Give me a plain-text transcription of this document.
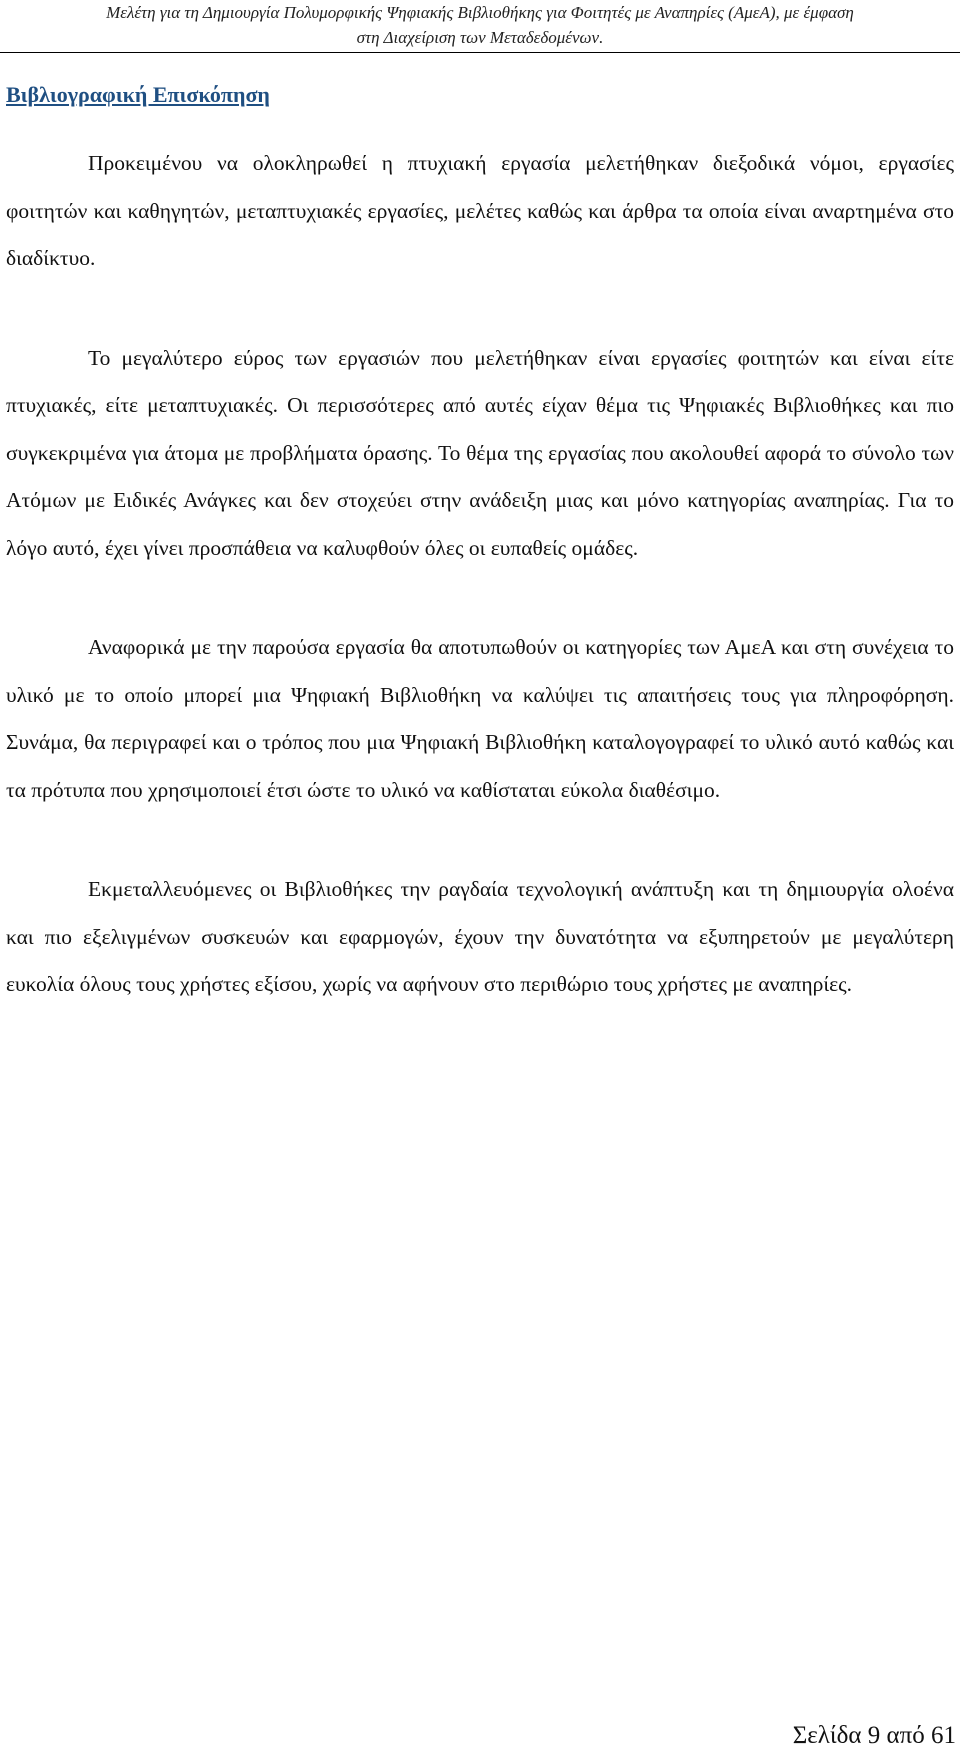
Μελέτη για τη Δημιουργία Πολυμορφικής Ψηφιακής Βιβλιοθήκης για Φοιτητές με Αναπηρίες (ΑμεΑ), με έμφαση
στη Διαχείριση των Μεταδεδομένων.
Βιβλιογραφική Επισκόπηση

Προκειμένου να ολοκληρωθεί η πτυχιακή εργασία μελετήθηκαν διεξοδικά νόμοι, εργασίες φοιτητών και καθηγητών, μεταπτυχιακές εργασίες, μελέτες καθώς και άρθρα τα οποία είναι αναρτημένα στο διαδίκτυο.

Το μεγαλύτερο εύρος των εργασιών που μελετήθηκαν είναι εργασίες φοιτητών και είναι είτε πτυχιακές, είτε μεταπτυχιακές. Οι περισσότερες από αυτές είχαν θέμα τις Ψηφιακές Βιβλιοθήκες και πιο συγκεκριμένα για άτομα με προβλήματα όρασης. Το θέμα της εργασίας που ακολουθεί αφορά το σύνολο των Ατόμων με Ειδικές Ανάγκες και δεν στοχεύει στην ανάδειξη μιας και μόνο κατηγορίας αναπηρίας. Για το λόγο αυτό, έχει γίνει προσπάθεια να καλυφθούν όλες οι ευπαθείς ομάδες.

Αναφορικά με την παρούσα εργασία θα αποτυπωθούν οι κατηγορίες των ΑμεΑ και στη συνέχεια το υλικό με το οποίο μπορεί μια Ψηφιακή Βιβλιοθήκη να καλύψει τις απαιτήσεις τους για πληροφόρηση. Συνάμα, θα περιγραφεί και ο τρόπος που μια Ψηφιακή Βιβλιοθήκη καταλογογραφεί το υλικό αυτό καθώς και τα πρότυπα που χρησιμοποιεί έτσι ώστε το υλικό να καθίσταται εύκολα διαθέσιμο.

Εκμεταλλευόμενες οι Βιβλιοθήκες την ραγδαία τεχνολογική ανάπτυξη και τη δημιουργία ολοένα και πιο εξελιγμένων συσκευών και εφαρμογών, έχουν την δυνατότητα να εξυπηρετούν με μεγαλύτερη ευκολία όλους τους χρήστες εξίσου, χωρίς να αφήνουν στο περιθώριο τους χρήστες με αναπηρίες.

Σελίδα 9 από 61
